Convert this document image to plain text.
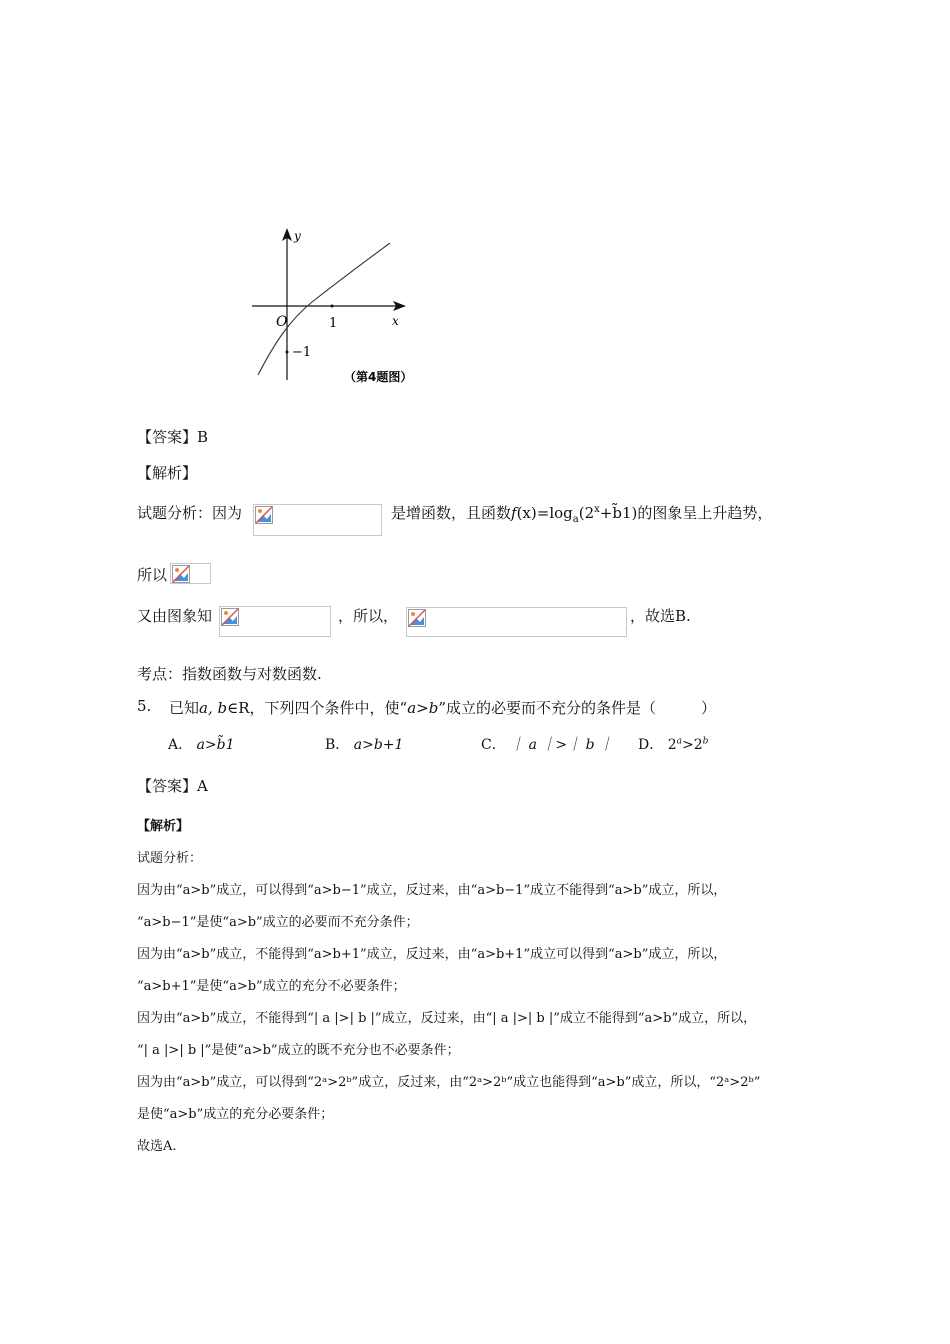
y
x
O	1
−1
（第4题图）
【答案】B
【解析】
试题分析：因为	是增函数，且函数$f(x)=\log_a(2^x+b̃1)$的图象呈上升趋势，
所以
又由图象知	，所以，	，故选B.
考点：指数函数与对数函数.
5. 已知a, b∈R，下列四个条件中，使“a>b”成立的必要而不充分的条件是（　　　）
A． a>b̃1	B． a>b+1	C． ｜ a ｜>｜ b ｜ D． $2^a>2^b$
【答案】A
【解析】
试题分析：
因为由“a>b”成立，可以得到“a>b−1”成立，反过来，由“a>b−1”成立不能得到“a>b”成立，所以，
“a>b−1”是使“a>b”成立的必要而不充分条件；
因为由“a>b”成立，不能得到“a>b+1”成立，反过来，由“a>b+1”成立可以得到“a>b”成立，所以，
“a>b+1”是使“a>b”成立的充分不必要条件；
因为由“a>b”成立，不能得到“| a |>| b |”成立，反过来，由“| a |>| b |”成立不能得到“a>b”成立，所以，
“| a |>| b |”是使“a>b”成立的既不充分也不必要条件；
因为由“a>b”成立，可以得到“2ᵃ>2ᵇ”成立，反过来，由“2ᵃ>2ᵇ”成立也能得到“a>b”成立，所以，“2ᵃ>2ᵇ”
是使“a>b”成立的充分必要条件；
故选A.
